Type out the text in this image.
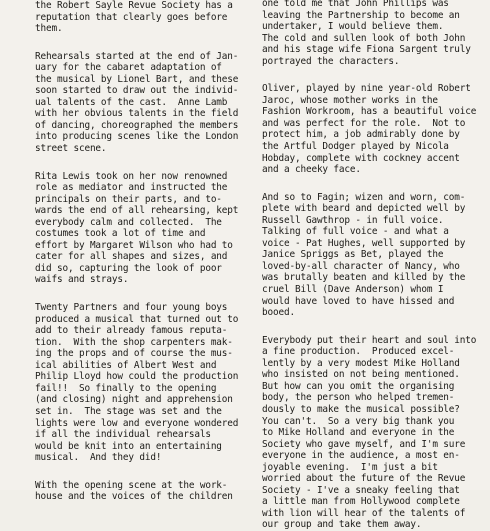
the Robert Sayle Revue Society has a
reputation that clearly goes before
them.
Rehearsals started at the end of Jan-
uary for the cabaret adaptation of
the musical by Lionel Bart, and these
soon started to draw out the individ-
ual talents of the cast.  Anne Lamb
with her obvious talents in the field
of dancing, choreographed the members
into producing scenes like the London
street scene.
Rita Lewis took on her now renowned
role as mediator and instructed the
principals on their parts, and to-
wards the end of all rehearsing, kept
everybody calm and collected.  The
costumes took a lot of time and
effort by Margaret Wilson who had to
cater for all shapes and sizes, and
did so, capturing the look of poor
waifs and strays.
Twenty Partners and four young boys
produced a musical that turned out to
add to their already famous reputa-
tion.  With the shop carpenters mak-
ing the props and of course the mus-
ical abilities of Albert West and
Philip Lloyd how could the production
fail!!  So finally to the opening
(and closing) night and apprehension
set in.  The stage was set and the
lights were low and everyone wondered
if all the individual rehearsals
would be knit into an entertaining
musical.  And they did!
With the opening scene at the work-
house and the voices of the children
one told me that John Phillips was
leaving the Partnership to become an
undertaker, I would believe them.
The cold and sullen look of both John
and his stage wife Fiona Sargent truly
portrayed the characters.
Oliver, played by nine year-old Robert
Jaroc, whose mother works in the
Fashion Workroom, has a beautiful voice
and was perfect for the role.  Not to
protect him, a job admirably done by
the Artful Dodger played by Nicola
Hobday, complete with cockney accent
and a cheeky face.
And so to Fagin; wizen and worn, com-
plete with beard and depicted well by
Russell Gawthrop - in full voice.
Talking of full voice - and what a
voice - Pat Hughes, well supported by
Janice Spriggs as Bet, played the
loved-by-all character of Nancy, who
was brutally beaten and killed by the
cruel Bill (Dave Anderson) whom I
would have loved to have hissed and
booed.
Everybody put their heart and soul into
a fine production.  Produced excel-
lently by a very modest Mike Holland
who insisted on not being mentioned.
But how can you omit the organising
body, the person who helped tremen-
dously to make the musical possible?
You can't.  So a very big thank you
to Mike Holland and everyone in the
Society who gave myself, and I'm sure
everyone in the audience, a most en-
joyable evening.  I'm just a bit
worried about the future of the Revue
Society - I've a sneaky feeling that
a little man from Hollywood complete
with lion will hear of the talents of
our group and take them away.
